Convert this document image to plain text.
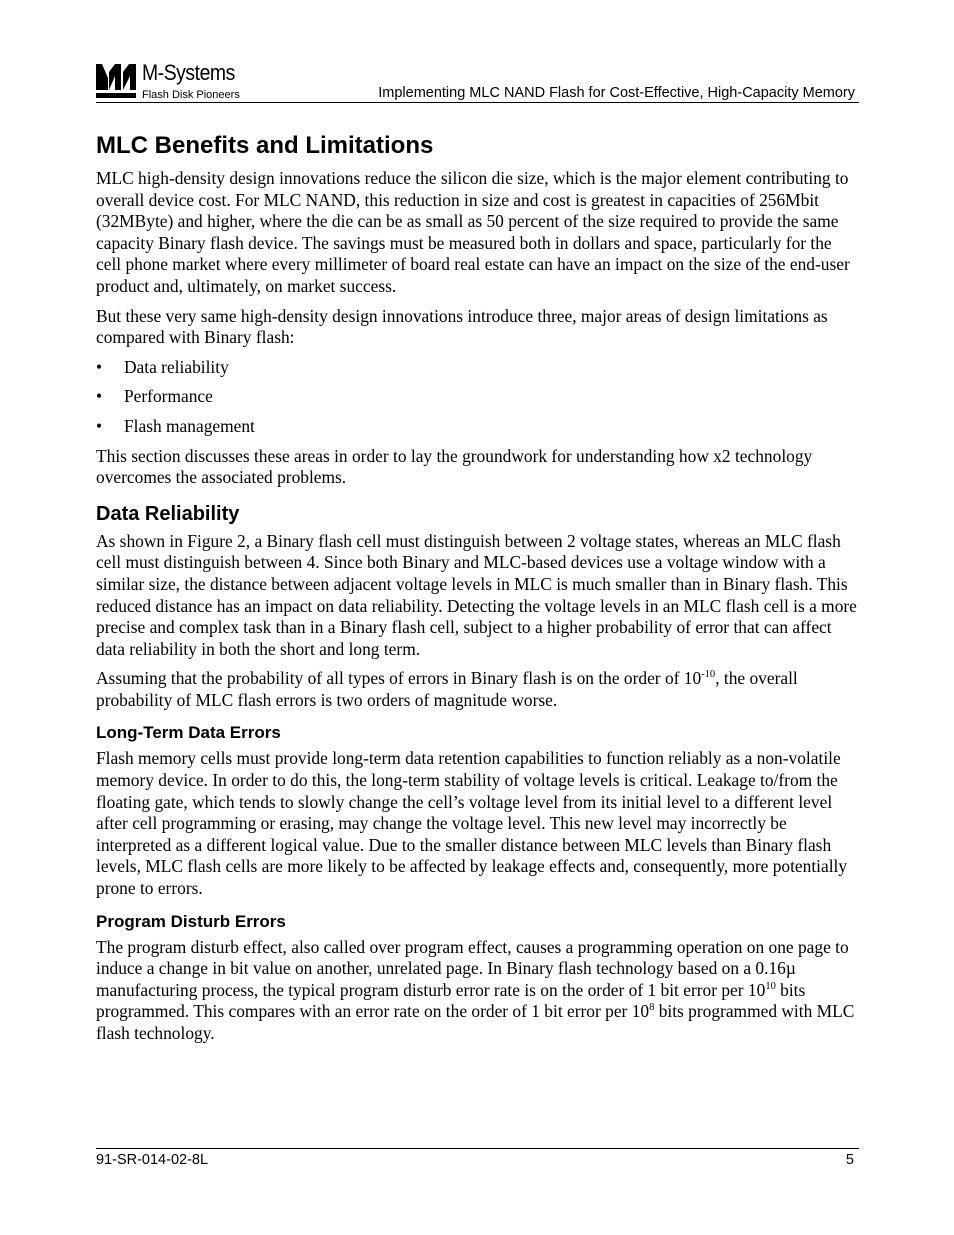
M-Systems
Flash Disk Pioneers	Implementing MLC NAND Flash for Cost-Effective, High-Capacity Memory
MLC Benefits and Limitations

MLC high-density design innovations reduce the silicon die size, which is the major element contributing to overall device cost. For MLC NAND, this reduction in size and cost is greatest in capacities of 256Mbit (32MByte) and higher, where the die can be as small as 50 percent of the size required to provide the same capacity Binary flash device. The savings must be measured both in dollars and space, particularly for the cell phone market where every millimeter of board real estate can have an impact on the size of the end-user product and, ultimately, on market success.

But these very same high-density design innovations introduce three, major areas of design limitations as compared with Binary flash:

• Data reliability
• Performance
• Flash management

This section discusses these areas in order to lay the groundwork for understanding how x2 technology overcomes the associated problems.

Data Reliability

As shown in Figure 2, a Binary flash cell must distinguish between 2 voltage states, whereas an MLC flash cell must distinguish between 4. Since both Binary and MLC-based devices use a voltage window with a similar size, the distance between adjacent voltage levels in MLC is much smaller than in Binary flash. This reduced distance has an impact on data reliability. Detecting the voltage levels in an MLC flash cell is a more precise and complex task than in a Binary flash cell, subject to a higher probability of error that can affect data reliability in both the short and long term.

Assuming that the probability of all types of errors in Binary flash is on the order of $10^{-10}$, the overall probability of MLC flash errors is two orders of magnitude worse.

Long-Term Data Errors

Flash memory cells must provide long-term data retention capabilities to function reliably as a non-volatile memory device. In order to do this, the long-term stability of voltage levels is critical. Leakage to/from the floating gate, which tends to slowly change the cell’s voltage level from its initial level to a different level after cell programming or erasing, may change the voltage level. This new level may incorrectly be interpreted as a different logical value. Due to the smaller distance between MLC levels than Binary flash levels, MLC flash cells are more likely to be affected by leakage effects and, consequently, more potentially prone to errors.

Program Disturb Errors

The program disturb effect, also called over program effect, causes a programming operation on one page to induce a change in bit value on another, unrelated page. In Binary flash technology based on a 0.16µ manufacturing process, the typical program disturb error rate is on the order of 1 bit error per $10^{10}$ bits programmed. This compares with an error rate on the order of 1 bit error per $10^8$ bits programmed with MLC flash technology.

91-SR-014-02-8L	5
